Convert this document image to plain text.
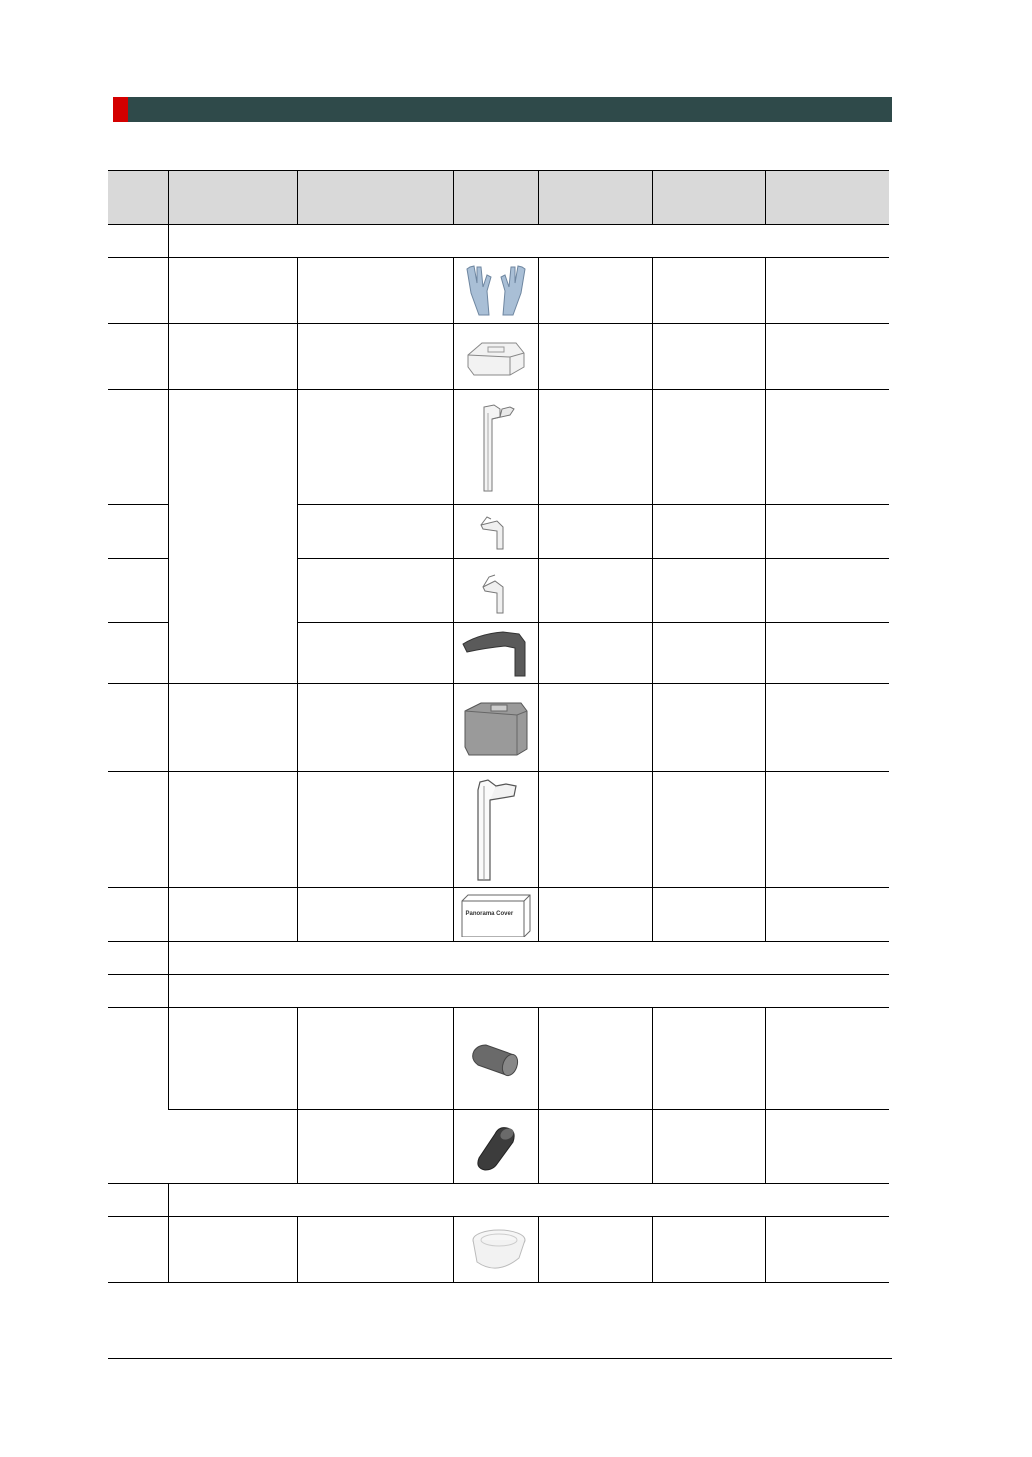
			Panorama Cover			
